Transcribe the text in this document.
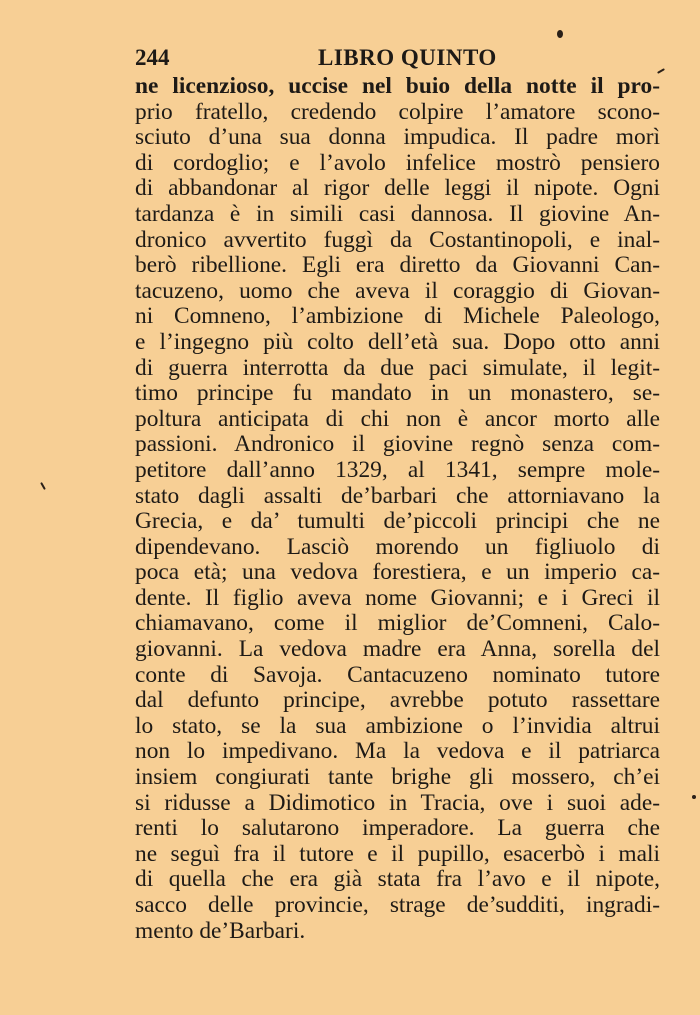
244	LIBRO QUINTO
ne licenzioso, uccise nel buio della notte il pro-
prio fratello, credendo colpire l’amatore scono-
sciuto d’una sua donna impudica. Il padre morì
di cordoglio; e l’avolo infelice mostrò pensiero
di abbandonar al rigor delle leggi il nipote. Ogni
tardanza è in simili casi dannosa. Il giovine An-
dronico avvertito fuggì da Costantinopoli, e inal-
berò ribellione. Egli era diretto da Giovanni Can-
tacuzeno, uomo che aveva il coraggio di Giovan-
ni Comneno, l’ambizione di Michele Paleologo,
e l’ingegno più colto dell’età sua. Dopo otto anni
di guerra interrotta da due paci simulate, il legit-
timo principe fu mandato in un monastero, se-
poltura anticipata di chi non è ancor morto alle
passioni. Andronico il giovine regnò senza com-
petitore dall’anno 1329, al 1341, sempre mole-
stato dagli assalti de’barbari che attorniavano la
Grecia, e da’ tumulti de’piccoli principi che ne
dipendevano. Lasciò morendo un figliuolo di
poca età; una vedova forestiera, e un imperio ca-
dente. Il figlio aveva nome Giovanni; e i Greci il
chiamavano, come il miglior de’Comneni, Calo-
giovanni. La vedova madre era Anna, sorella del
conte di Savoja. Cantacuzeno nominato tutore
dal defunto principe, avrebbe potuto rassettare
lo stato, se la sua ambizione o l’invidia altrui
non lo impedivano. Ma la vedova e il patriarca
insiem congiurati tante brighe gli mossero, ch’ei
si ridusse a Didimotico in Tracia, ove i suoi ade-
renti lo salutarono imperadore. La guerra che
ne seguì fra il tutore e il pupillo, esacerbò i mali
di quella che era già stata fra l’avo e il nipote,
sacco delle provincie, strage de’sudditi, ingradi-
mento de’Barbari.
